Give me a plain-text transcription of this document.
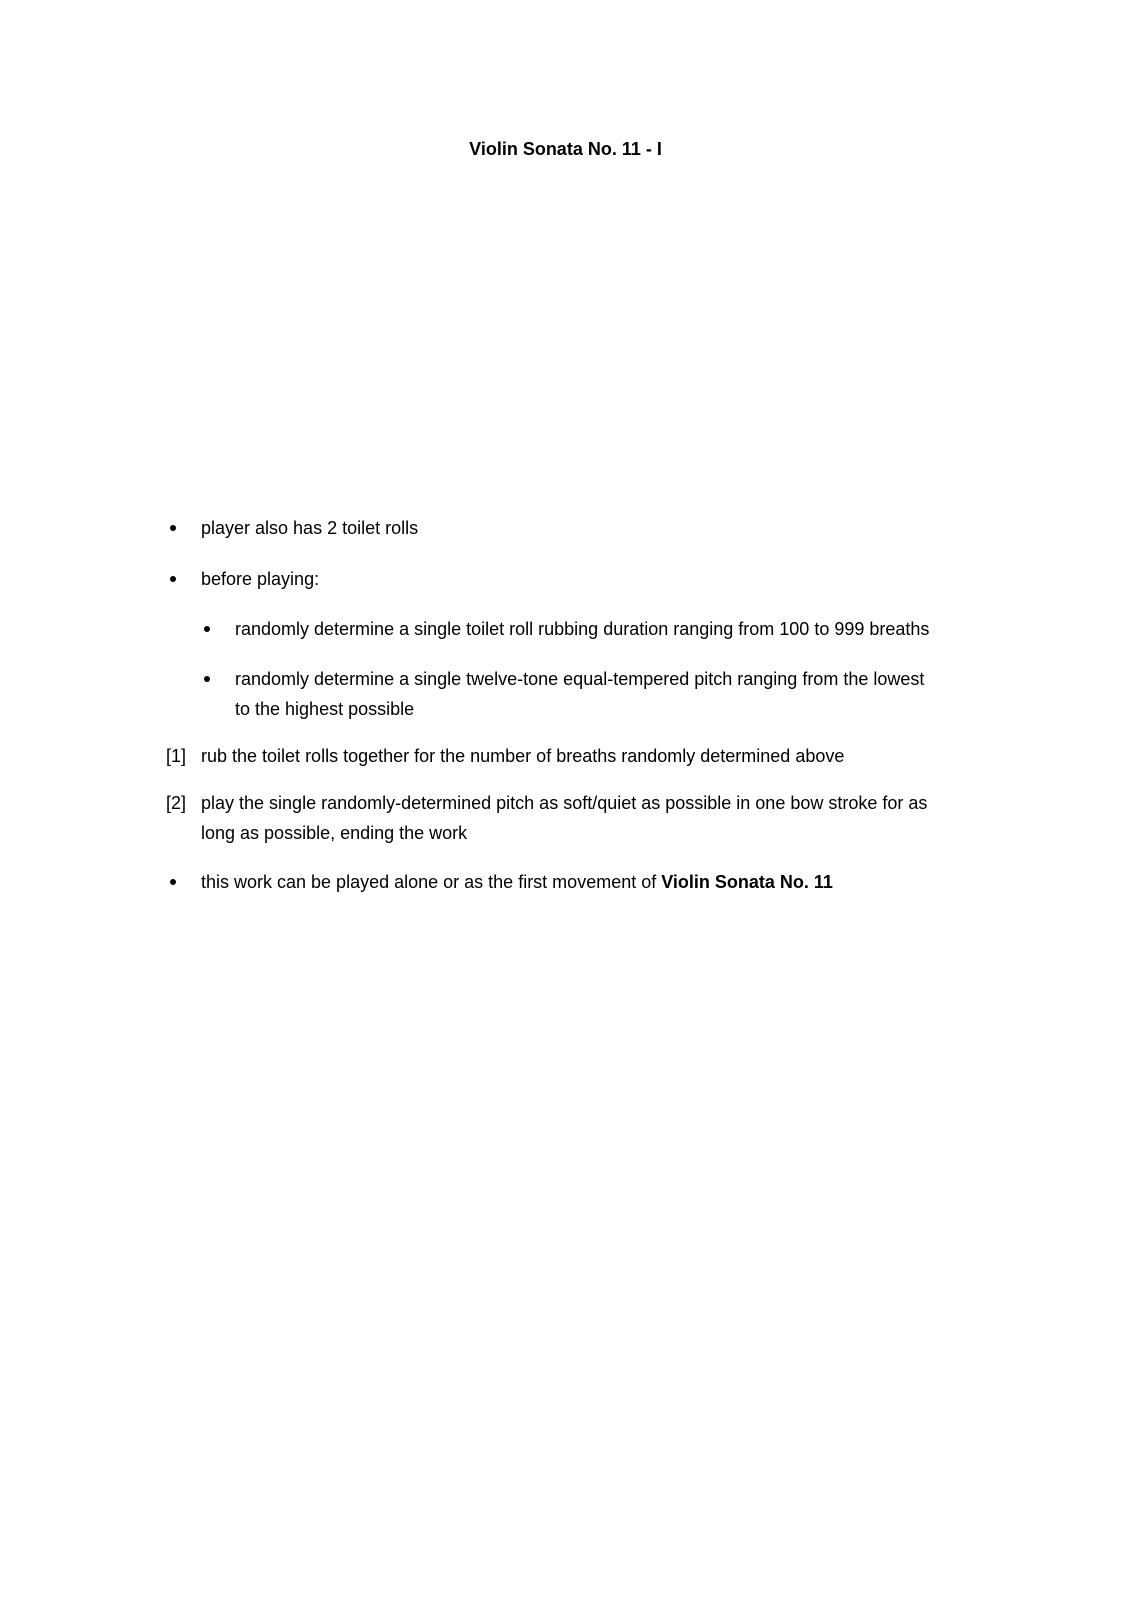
Violin Sonata No. 11 - I
player also has 2 toilet rolls
before playing:
randomly determine a single toilet roll rubbing duration ranging from 100 to 999 breaths
randomly determine a single twelve-tone equal-tempered pitch ranging from the lowest
to the highest possible
[1] rub the toilet rolls together for the number of breaths randomly determined above
[2] play the single randomly-determined pitch as soft/quiet as possible in one bow stroke for as
long as possible, ending the work
this work can be played alone or as the first movement of Violin Sonata No. 11
